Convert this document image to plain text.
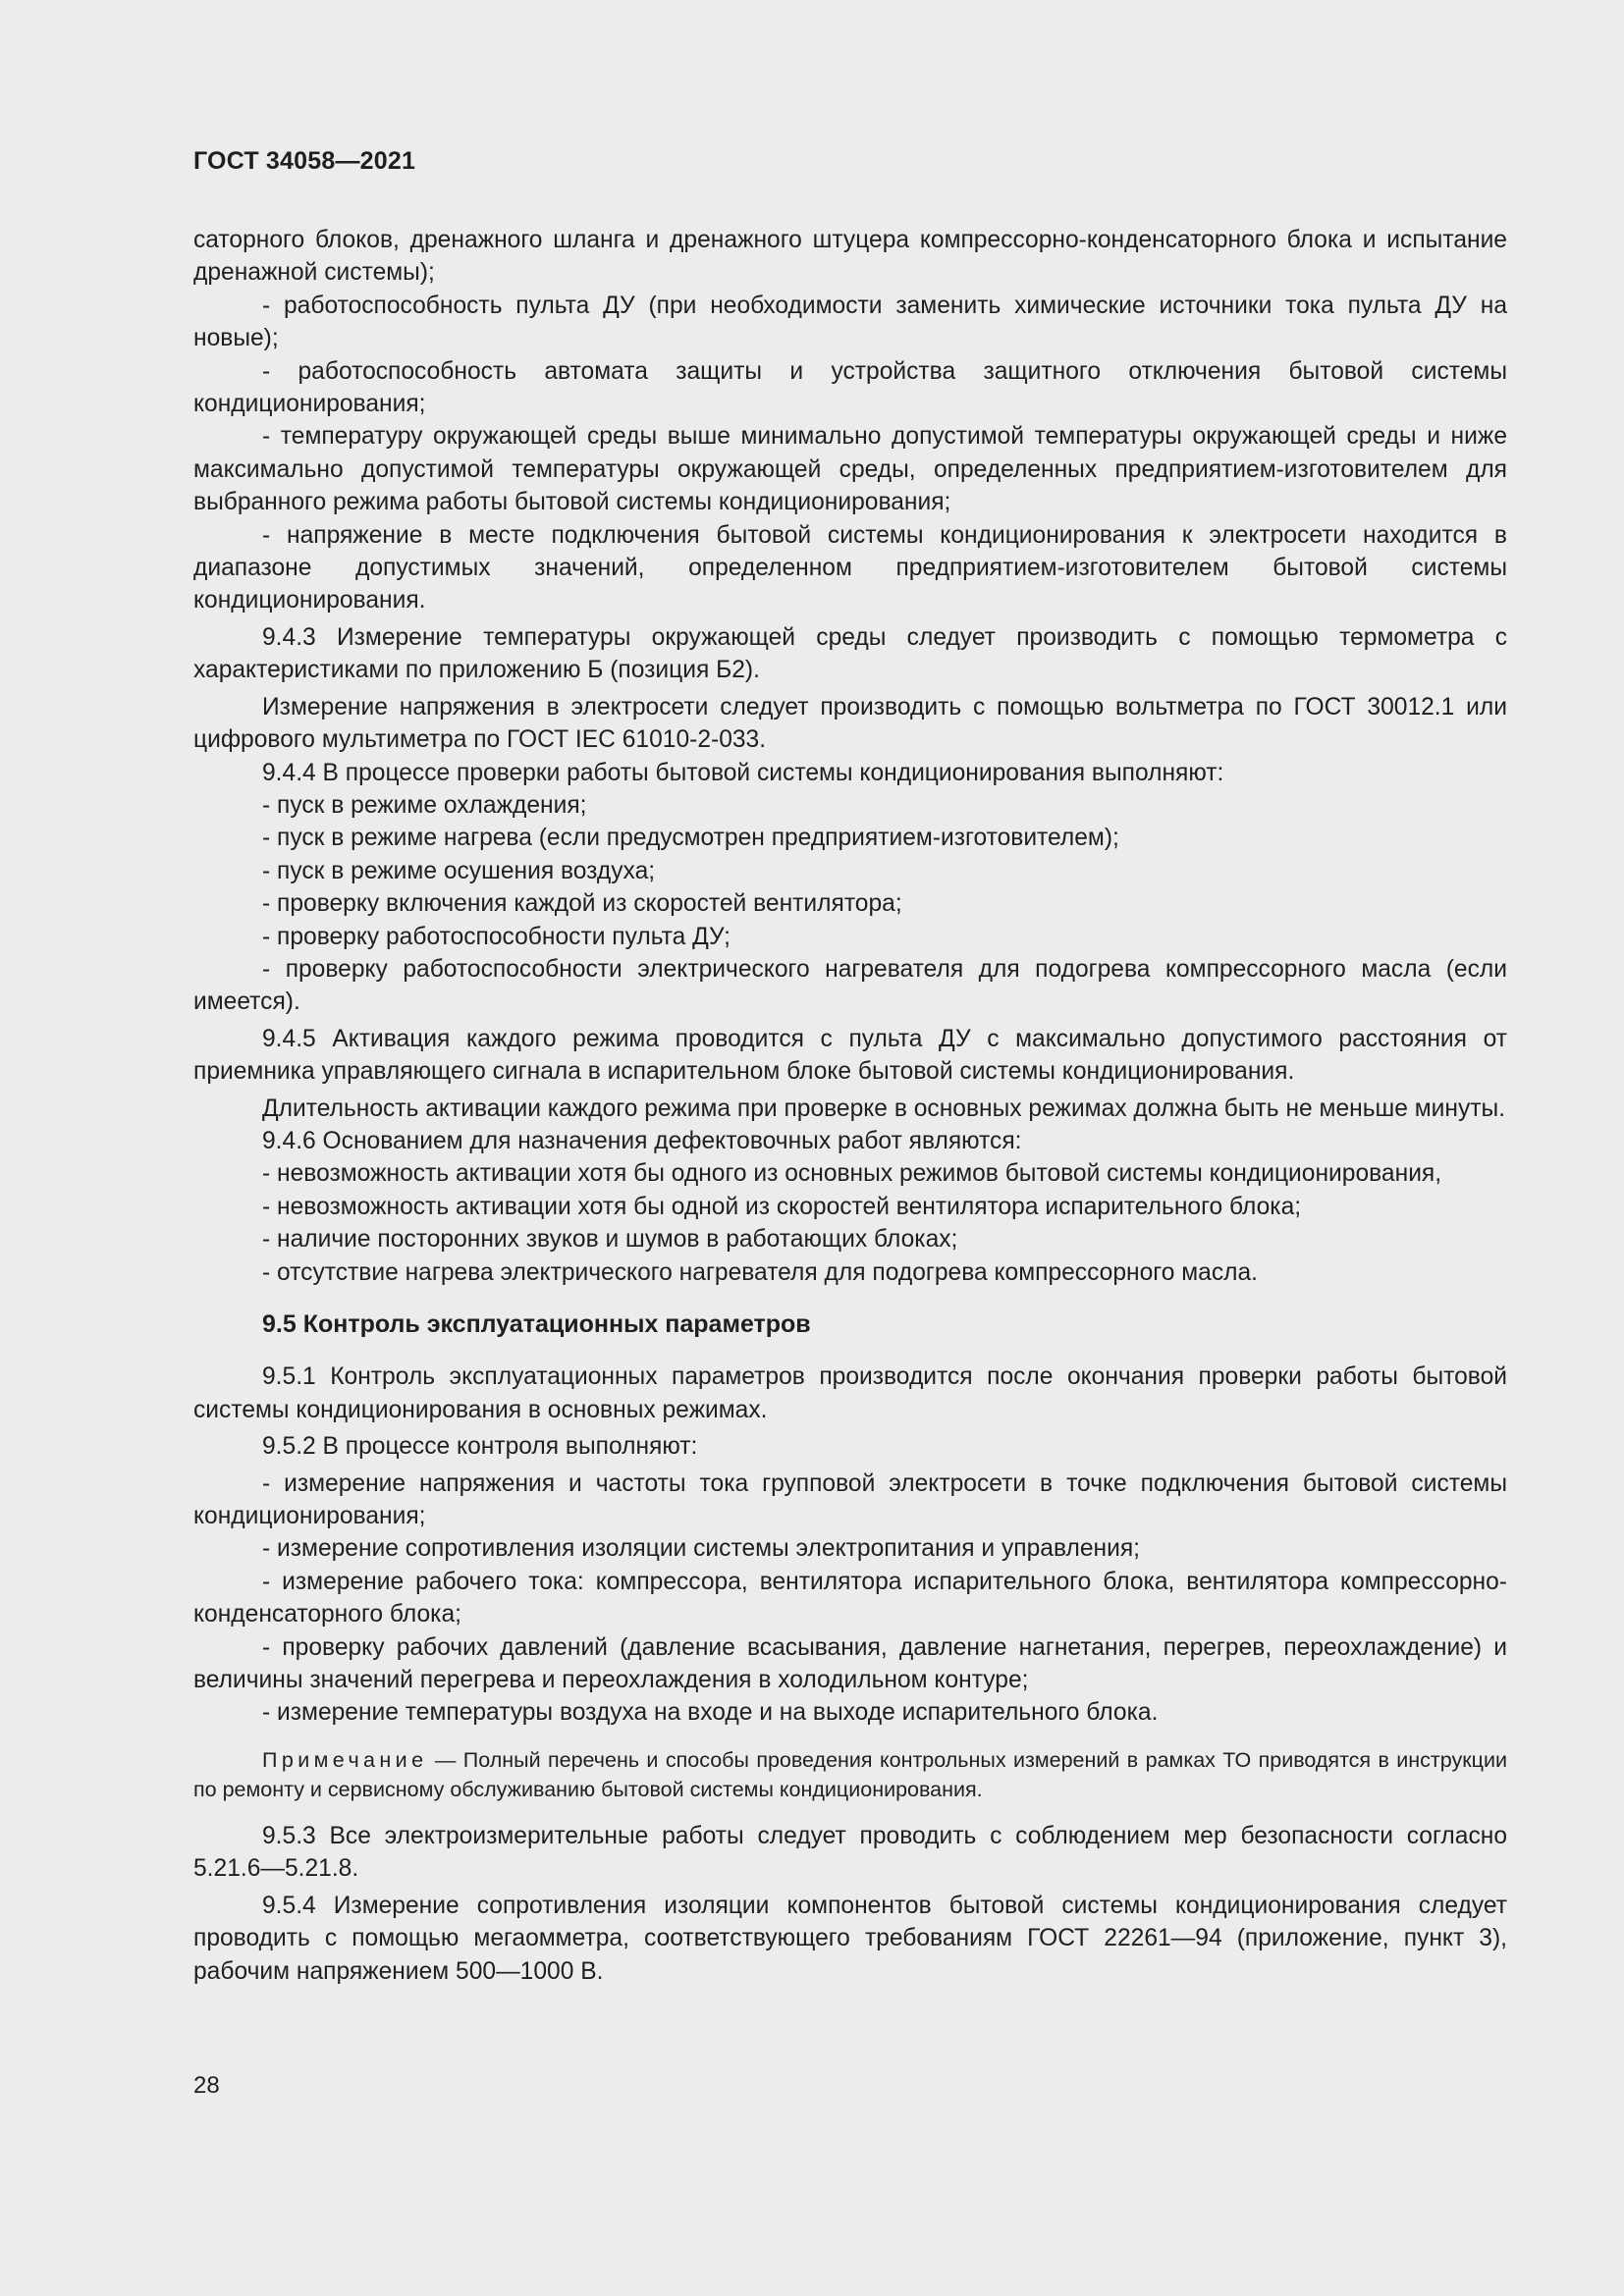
ГОСТ 34058—2021

саторного блоков, дренажного шланга и дренажного штуцера компрессорно-конденсаторного блока и испытание дренажной системы);

- работоспособность пульта ДУ (при необходимости заменить химические источники тока пульта ДУ на новые);

- работоспособность автомата защиты и устройства защитного отключения бытовой системы кондиционирования;

- температуру окружающей среды выше минимально допустимой температуры окружающей среды и ниже максимально допустимой температуры окружающей среды, определенных предприятием-изготовителем для выбранного режима работы бытовой системы кондиционирования;

- напряжение в месте подключения бытовой системы кондиционирования к электросети находится в диапазоне допустимых значений, определенном предприятием-изготовителем бытовой системы кондиционирования.

9.4.3 Измерение температуры окружающей среды следует производить с помощью термометра с характеристиками по приложению Б (позиция Б2).

Измерение напряжения в электросети следует производить с помощью вольтметра по ГОСТ 30012.1 или цифрового мультиметра по ГОСТ IEC 61010-2-033.

9.4.4 В процессе проверки работы бытовой системы кондиционирования выполняют:

- пуск в режиме охлаждения;

- пуск в режиме нагрева (если предусмотрен предприятием-изготовителем);

- пуск в режиме осушения воздуха;

- проверку включения каждой из скоростей вентилятора;

- проверку работоспособности пульта ДУ;

- проверку работоспособности электрического нагревателя для подогрева компрессорного масла (если имеется).

9.4.5 Активация каждого режима проводится с пульта ДУ с максимально допустимого расстояния от приемника управляющего сигнала в испарительном блоке бытовой системы кондиционирования.

Длительность активации каждого режима при проверке в основных режимах должна быть не меньше минуты.

9.4.6 Основанием для назначения дефектовочных работ являются:

- невозможность активации хотя бы одного из основных режимов бытовой системы кондиционирования,

- невозможность активации хотя бы одной из скоростей вентилятора испарительного блока;

- наличие посторонних звуков и шумов в работающих блоках;

- отсутствие нагрева электрического нагревателя для подогрева компрессорного масла.

9.5 Контроль эксплуатационных параметров

9.5.1 Контроль эксплуатационных параметров производится после окончания проверки работы бытовой системы кондиционирования в основных режимах.

9.5.2 В процессе контроля выполняют:

- измерение напряжения и частоты тока групповой электросети в точке подключения бытовой системы кондиционирования;

- измерение сопротивления изоляции системы электропитания и управления;

- измерение рабочего тока: компрессора, вентилятора испарительного блока, вентилятора компрессорно-конденсаторного блока;

- проверку рабочих давлений (давление всасывания, давление нагнетания, перегрев, переохлаждение) и величины значений перегрева и переохлаждения в холодильном контуре;

- измерение температуры воздуха на входе и на выходе испарительного блока.

Примечание — Полный перечень и способы проведения контрольных измерений в рамках ТО приводятся в инструкции по ремонту и сервисному обслуживанию бытовой системы кондиционирования.

9.5.3 Все электроизмерительные работы следует проводить с соблюдением мер безопасности согласно 5.21.6—5.21.8.

9.5.4 Измерение сопротивления изоляции компонентов бытовой системы кондиционирования следует проводить с помощью мегаомметра, соответствующего требованиям ГОСТ 22261—94 (приложение, пункт 3), рабочим напряжением 500—1000 В.

28
